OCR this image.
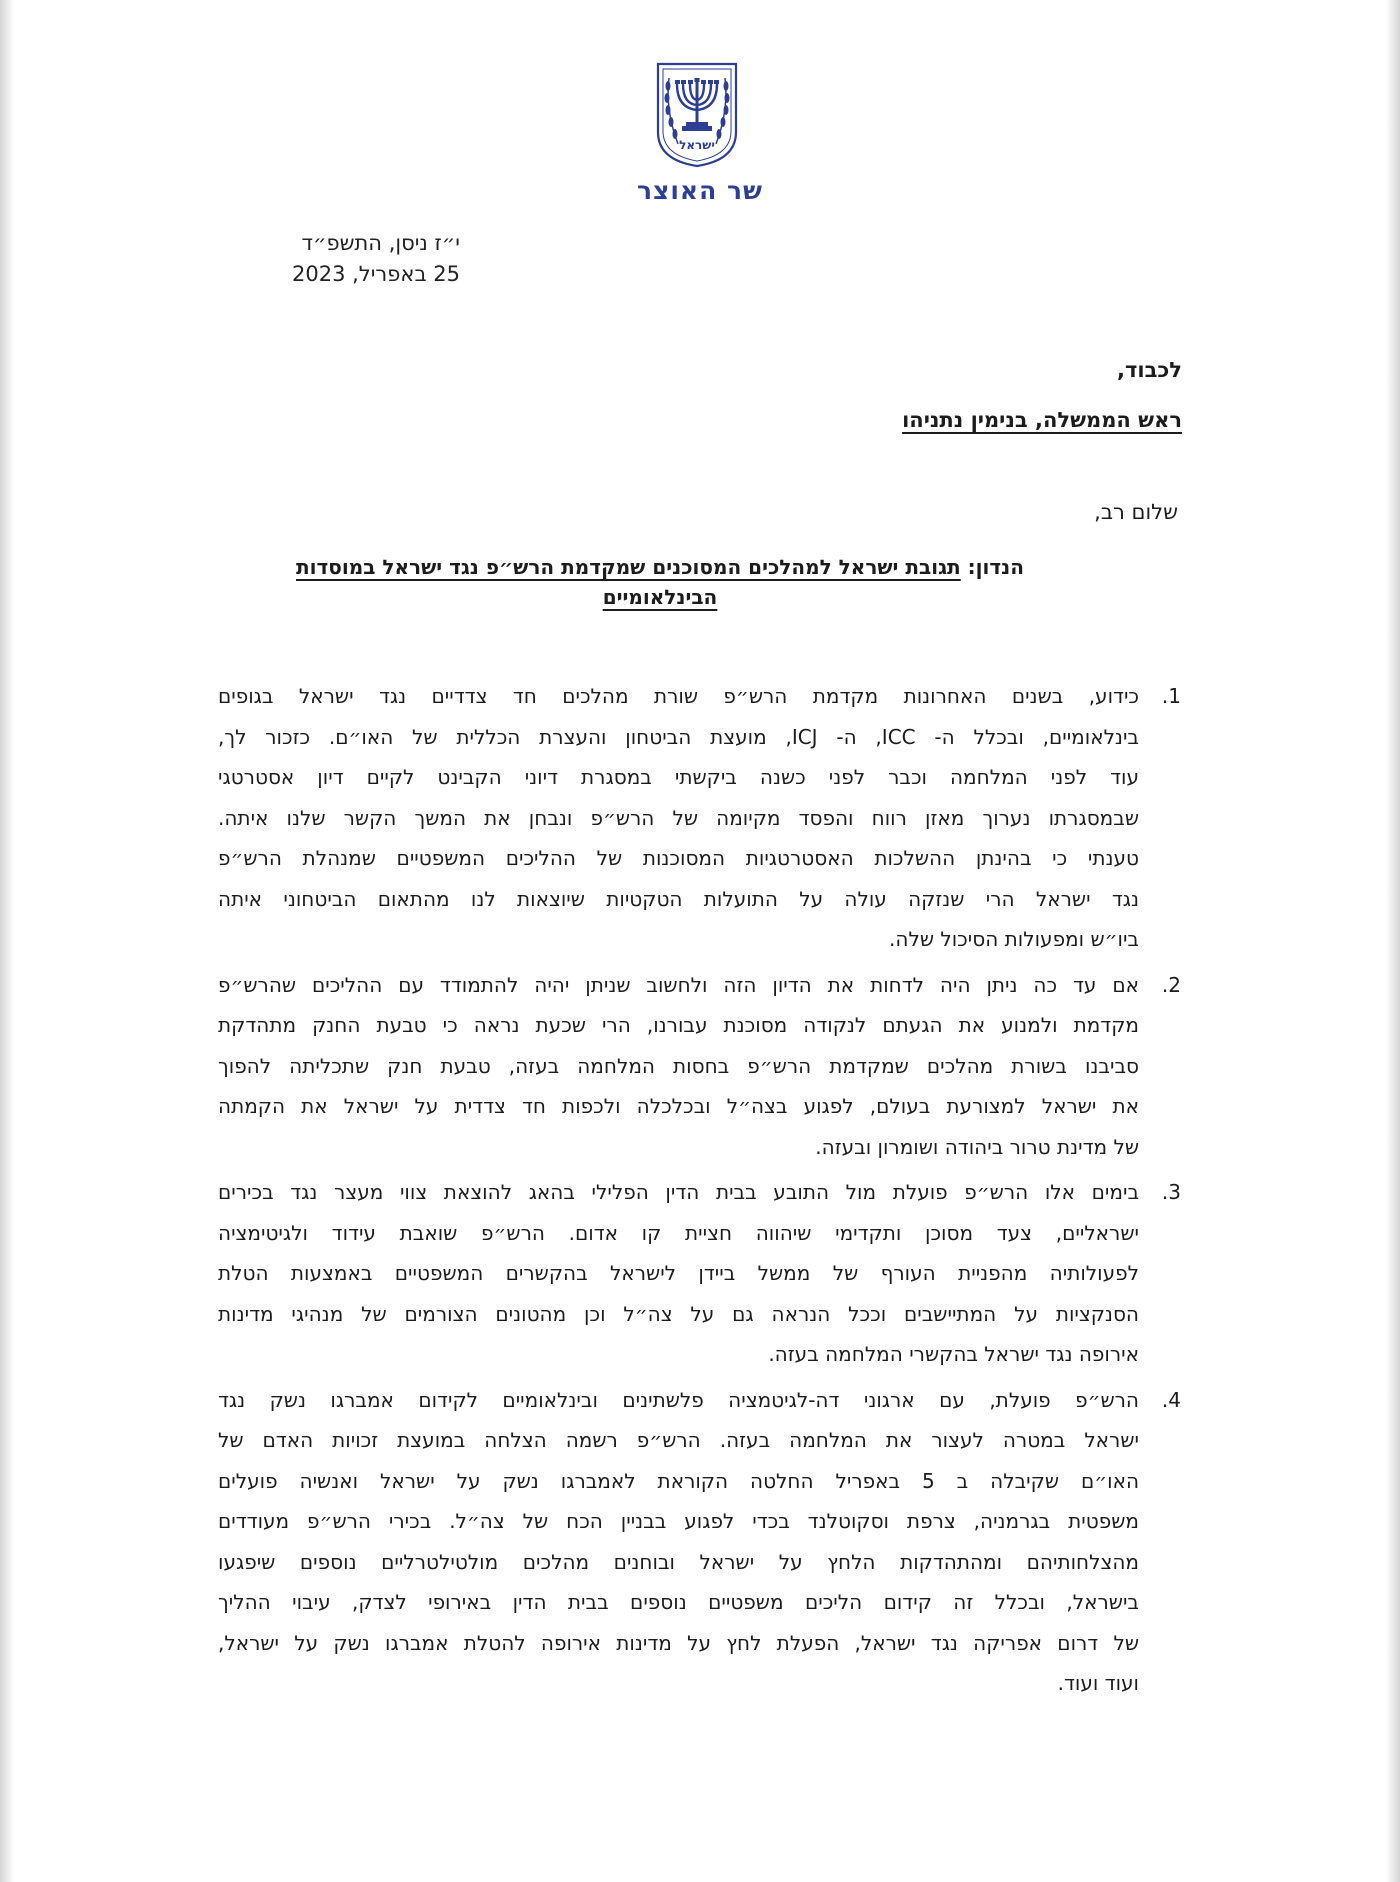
ישראל
שר האוצר
י״ז ניסן, התשפ״ד
25 באפריל, 2023
לכבוד,
ראש הממשלה, בנימין נתניהו
שלום רב,
הנדון: תגובת ישראל למהלכים המסוכנים שמקדמת הרש״פ נגד ישראל במוסדות
הבינלאומיים
1.
כידוע, בשנים האחרונות מקדמת הרש״פ שורת מהלכים חד צדדיים נגד ישראל בגופים
בינלאומיים, ובכלל ה- ICC, ה- ICJ, מועצת הביטחון והעצרת הכללית של האו״ם. כזכור לך,
עוד לפני המלחמה וכבר לפני כשנה ביקשתי במסגרת דיוני הקבינט לקיים דיון אסטרטגי
שבמסגרתו נערוך מאזן רווח והפסד מקיומה של הרש״פ ונבחן את המשך הקשר שלנו איתה.
טענתי כי בהינתן ההשלכות האסטרטגיות המסוכנות של ההליכים המשפטיים שמנהלת הרש״פ
נגד ישראל הרי שנזקה עולה על התועלות הטקטיות שיוצאות לנו מהתאום הביטחוני איתה
ביו״ש ומפעולות הסיכול שלה.
2.
אם עד כה ניתן היה לדחות את הדיון הזה ולחשוב שניתן יהיה להתמודד עם ההליכים שהרש״פ
מקדמת ולמנוע את הגעתם לנקודה מסוכנת עבורנו, הרי שכעת נראה כי טבעת החנק מתהדקת
סביבנו בשורת מהלכים שמקדמת הרש״פ בחסות המלחמה בעזה, טבעת חנק שתכליתה להפוך
את ישראל למצורעת בעולם, לפגוע בצה״ל ובכלכלה ולכפות חד צדדית על ישראל את הקמתה
של מדינת טרור ביהודה ושומרון ובעזה.
3.
בימים אלו הרש״פ פועלת מול התובע בבית הדין הפלילי בהאג להוצאת צווי מעצר נגד בכירים
ישראליים, צעד מסוכן ותקדימי שיהווה חציית קו אדום. הרש״פ שואבת עידוד ולגיטימציה
לפעולותיה מהפניית העורף של ממשל ביידן לישראל בהקשרים המשפטיים באמצעות הטלת
הסנקציות על המתיישבים וככל הנראה גם על צה״ל וכן מהטונים הצורמים של מנהיגי מדינות
אירופה נגד ישראל בהקשרי המלחמה בעזה.
4.
הרש״פ פועלת, עם ארגוני דה-לגיטמציה פלשתינים ובינלאומיים לקידום אמברגו נשק נגד
ישראל במטרה לעצור את המלחמה בעזה. הרש״פ רשמה הצלחה במועצת זכויות האדם של
האו״ם שקיבלה ב 5 באפריל החלטה הקוראת לאמברגו נשק על ישראל ואנשיה פועלים
משפטית בגרמניה, צרפת וסקוטלנד בכדי לפגוע בבניין הכח של צה״ל. בכירי הרש״פ מעודדים
מהצלחותיהם ומהתהדקות הלחץ על ישראל ובוחנים מהלכים מולטילטרליים נוספים שיפגעו
בישראל, ובכלל זה קידום הליכים משפטיים נוספים בבית הדין באירופי לצדק, עיבוי ההליך
של דרום אפריקה נגד ישראל, הפעלת לחץ על מדינות אירופה להטלת אמברגו נשק על ישראל,
ועוד ועוד.
